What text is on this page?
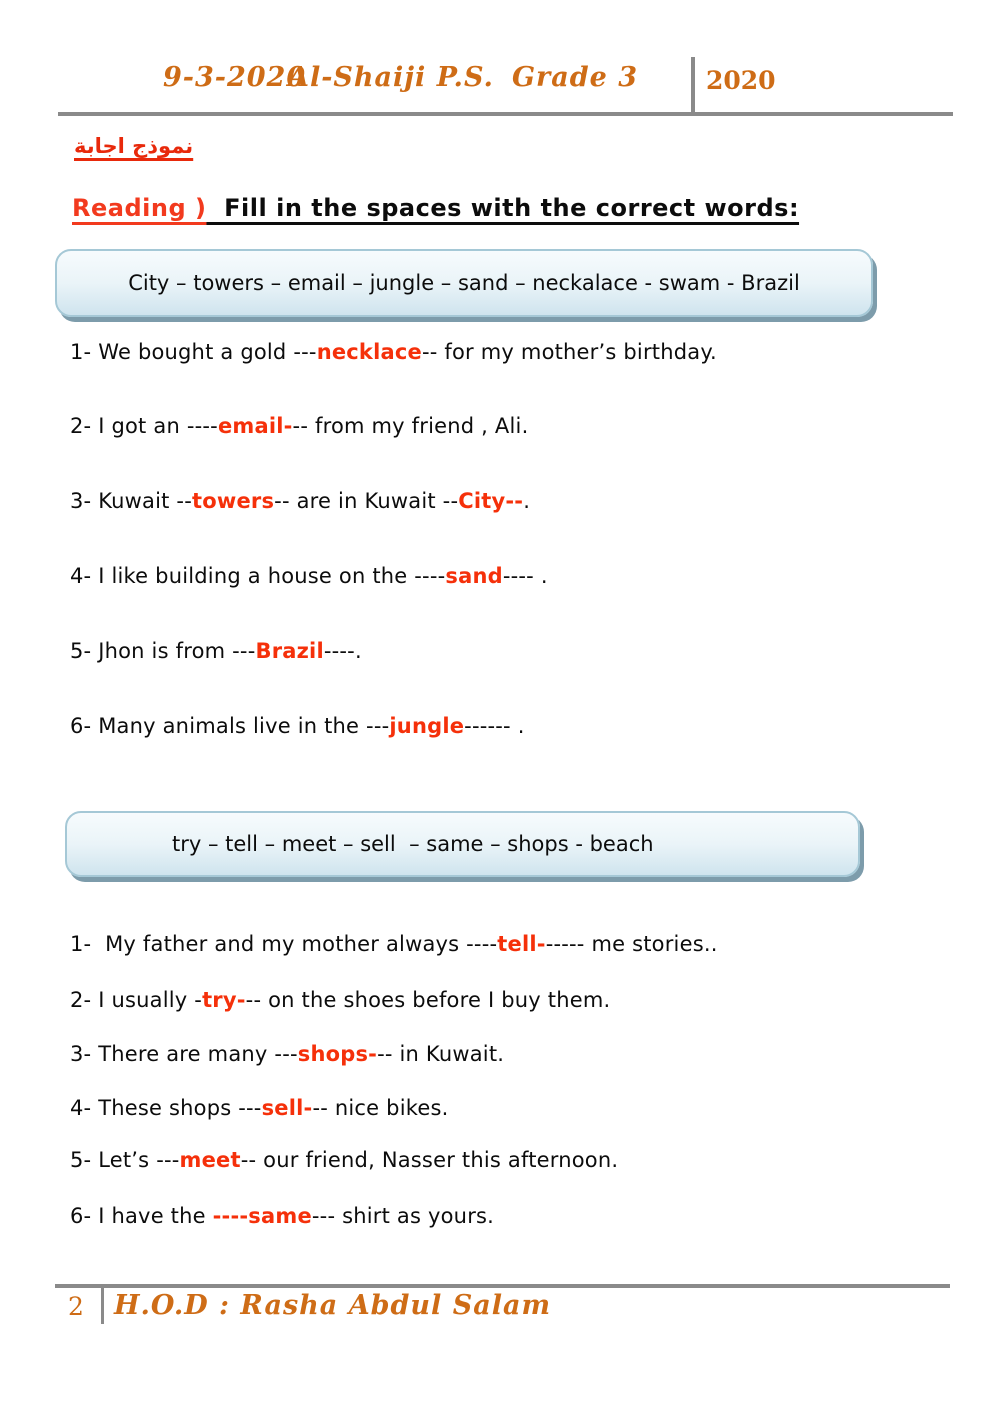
9-3-2020
Al-Shaiji P.S. Grade 3	2020
نموذج اجابة
Reading )  Fill in the spaces with the correct words:
City – towers – email – jungle – sand – neckalace - swam - Brazil
1- We bought a gold ---necklace-- for my mother’s birthday.
2- I got an ----email--- from my friend , Ali.
3- Kuwait --towers-- are in Kuwait --City--.
4- I like building a house on the ----sand---- .
5- Jhon is from ---Brazil----.
6- Many animals live in the ---jungle------ .
try – tell – meet – sell  – same – shops - beach
1-  My father and my mother always ----tell------ me stories..
2- I usually -try--- on the shoes before I buy them.
3- There are many ---shops--- in Kuwait.
4- These shops ---sell--- nice bikes.
5- Let’s ---meet-- our friend, Nasser this afternoon.
6- I have the ----same--- shirt as yours.
2 H.O.D : Rasha Abdul Salam
